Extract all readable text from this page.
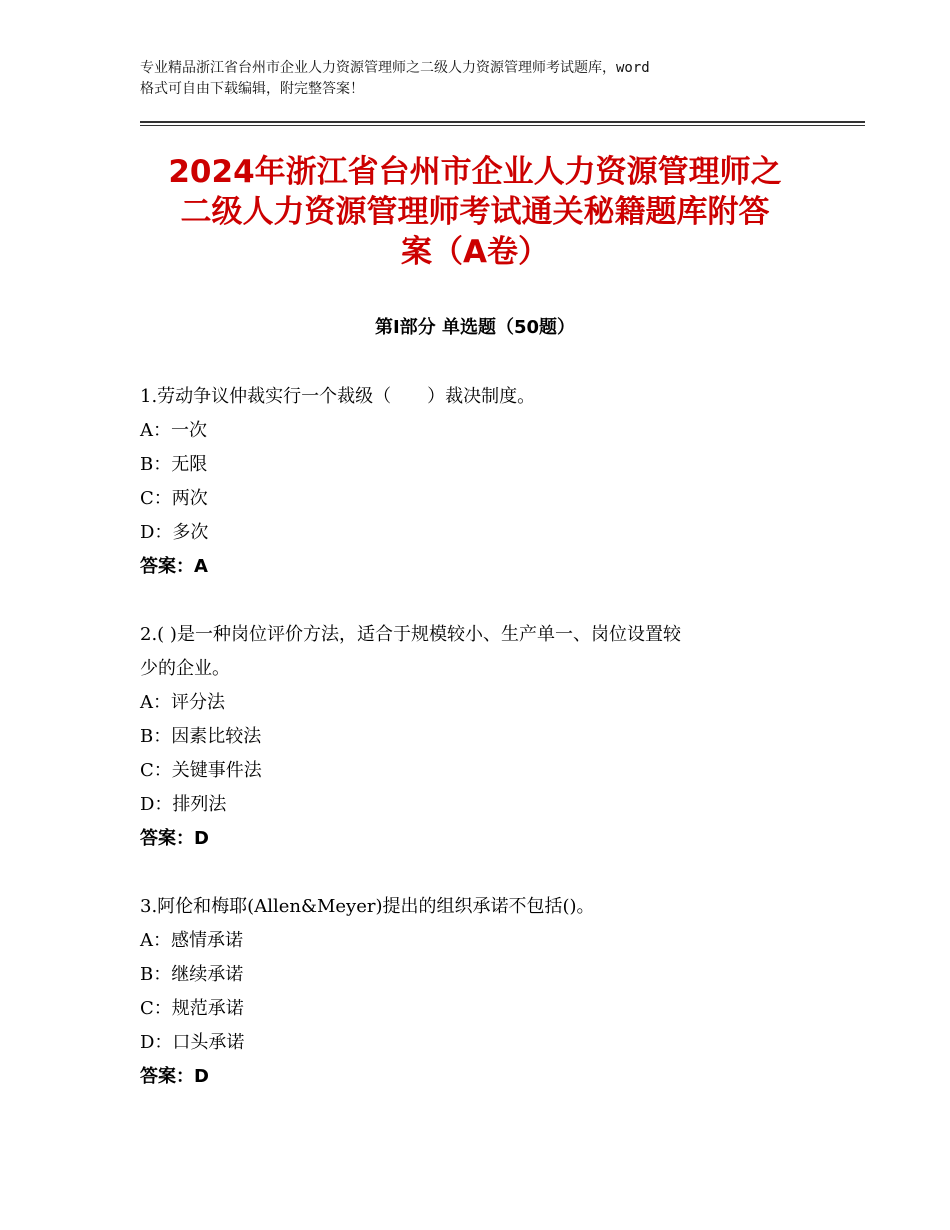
专业精品浙江省台州市企业人力资源管理师之二级人力资源管理师考试题库，word
格式可自由下载编辑，附完整答案！
2024年浙江省台州市企业人力资源管理师之
二级人力资源管理师考试通关秘籍题库附答
案（A卷）
第Ⅰ部分 单选题（50题）
1.劳动争议仲裁实行一个裁级（　　）裁决制度。
A：一次
B：无限
C：两次
D：多次
答案：A
2.( )是一种岗位评价方法，适合于规模较小、生产单一、岗位设置较
少的企业。
A：评分法
B：因素比较法
C：关键事件法
D：排列法
答案：D
3.阿伦和梅耶(Allen&Meyer)提出的组织承诺不包括()。
A：感情承诺
B：继续承诺
C：规范承诺
D：口头承诺
答案：D
